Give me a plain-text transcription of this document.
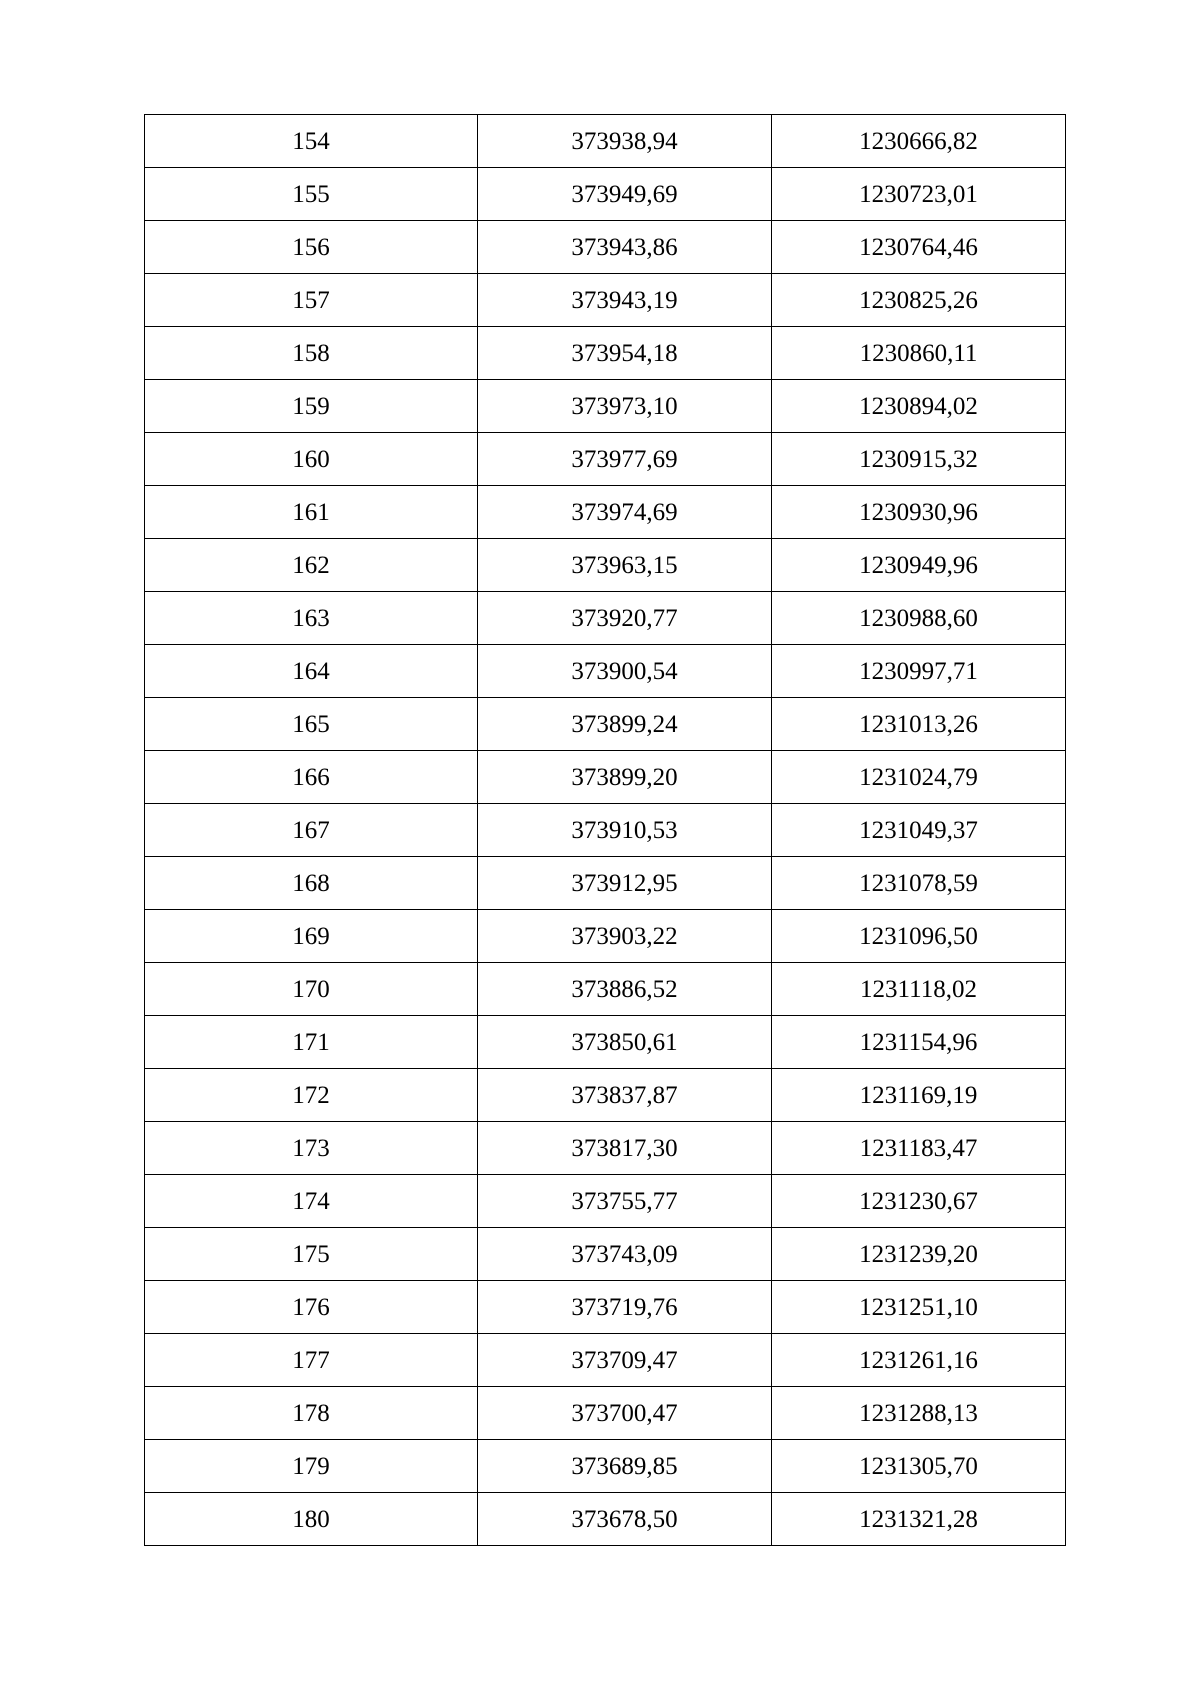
154	373938,94	1230666,82
155	373949,69	1230723,01
156	373943,86	1230764,46
157	373943,19	1230825,26
158	373954,18	1230860,11
159	373973,10	1230894,02
160	373977,69	1230915,32
161	373974,69	1230930,96
162	373963,15	1230949,96
163	373920,77	1230988,60
164	373900,54	1230997,71
165	373899,24	1231013,26
166	373899,20	1231024,79
167	373910,53	1231049,37
168	373912,95	1231078,59
169	373903,22	1231096,50
170	373886,52	1231118,02
171	373850,61	1231154,96
172	373837,87	1231169,19
173	373817,30	1231183,47
174	373755,77	1231230,67
175	373743,09	1231239,20
176	373719,76	1231251,10
177	373709,47	1231261,16
178	373700,47	1231288,13
179	373689,85	1231305,70
180	373678,50	1231321,28
